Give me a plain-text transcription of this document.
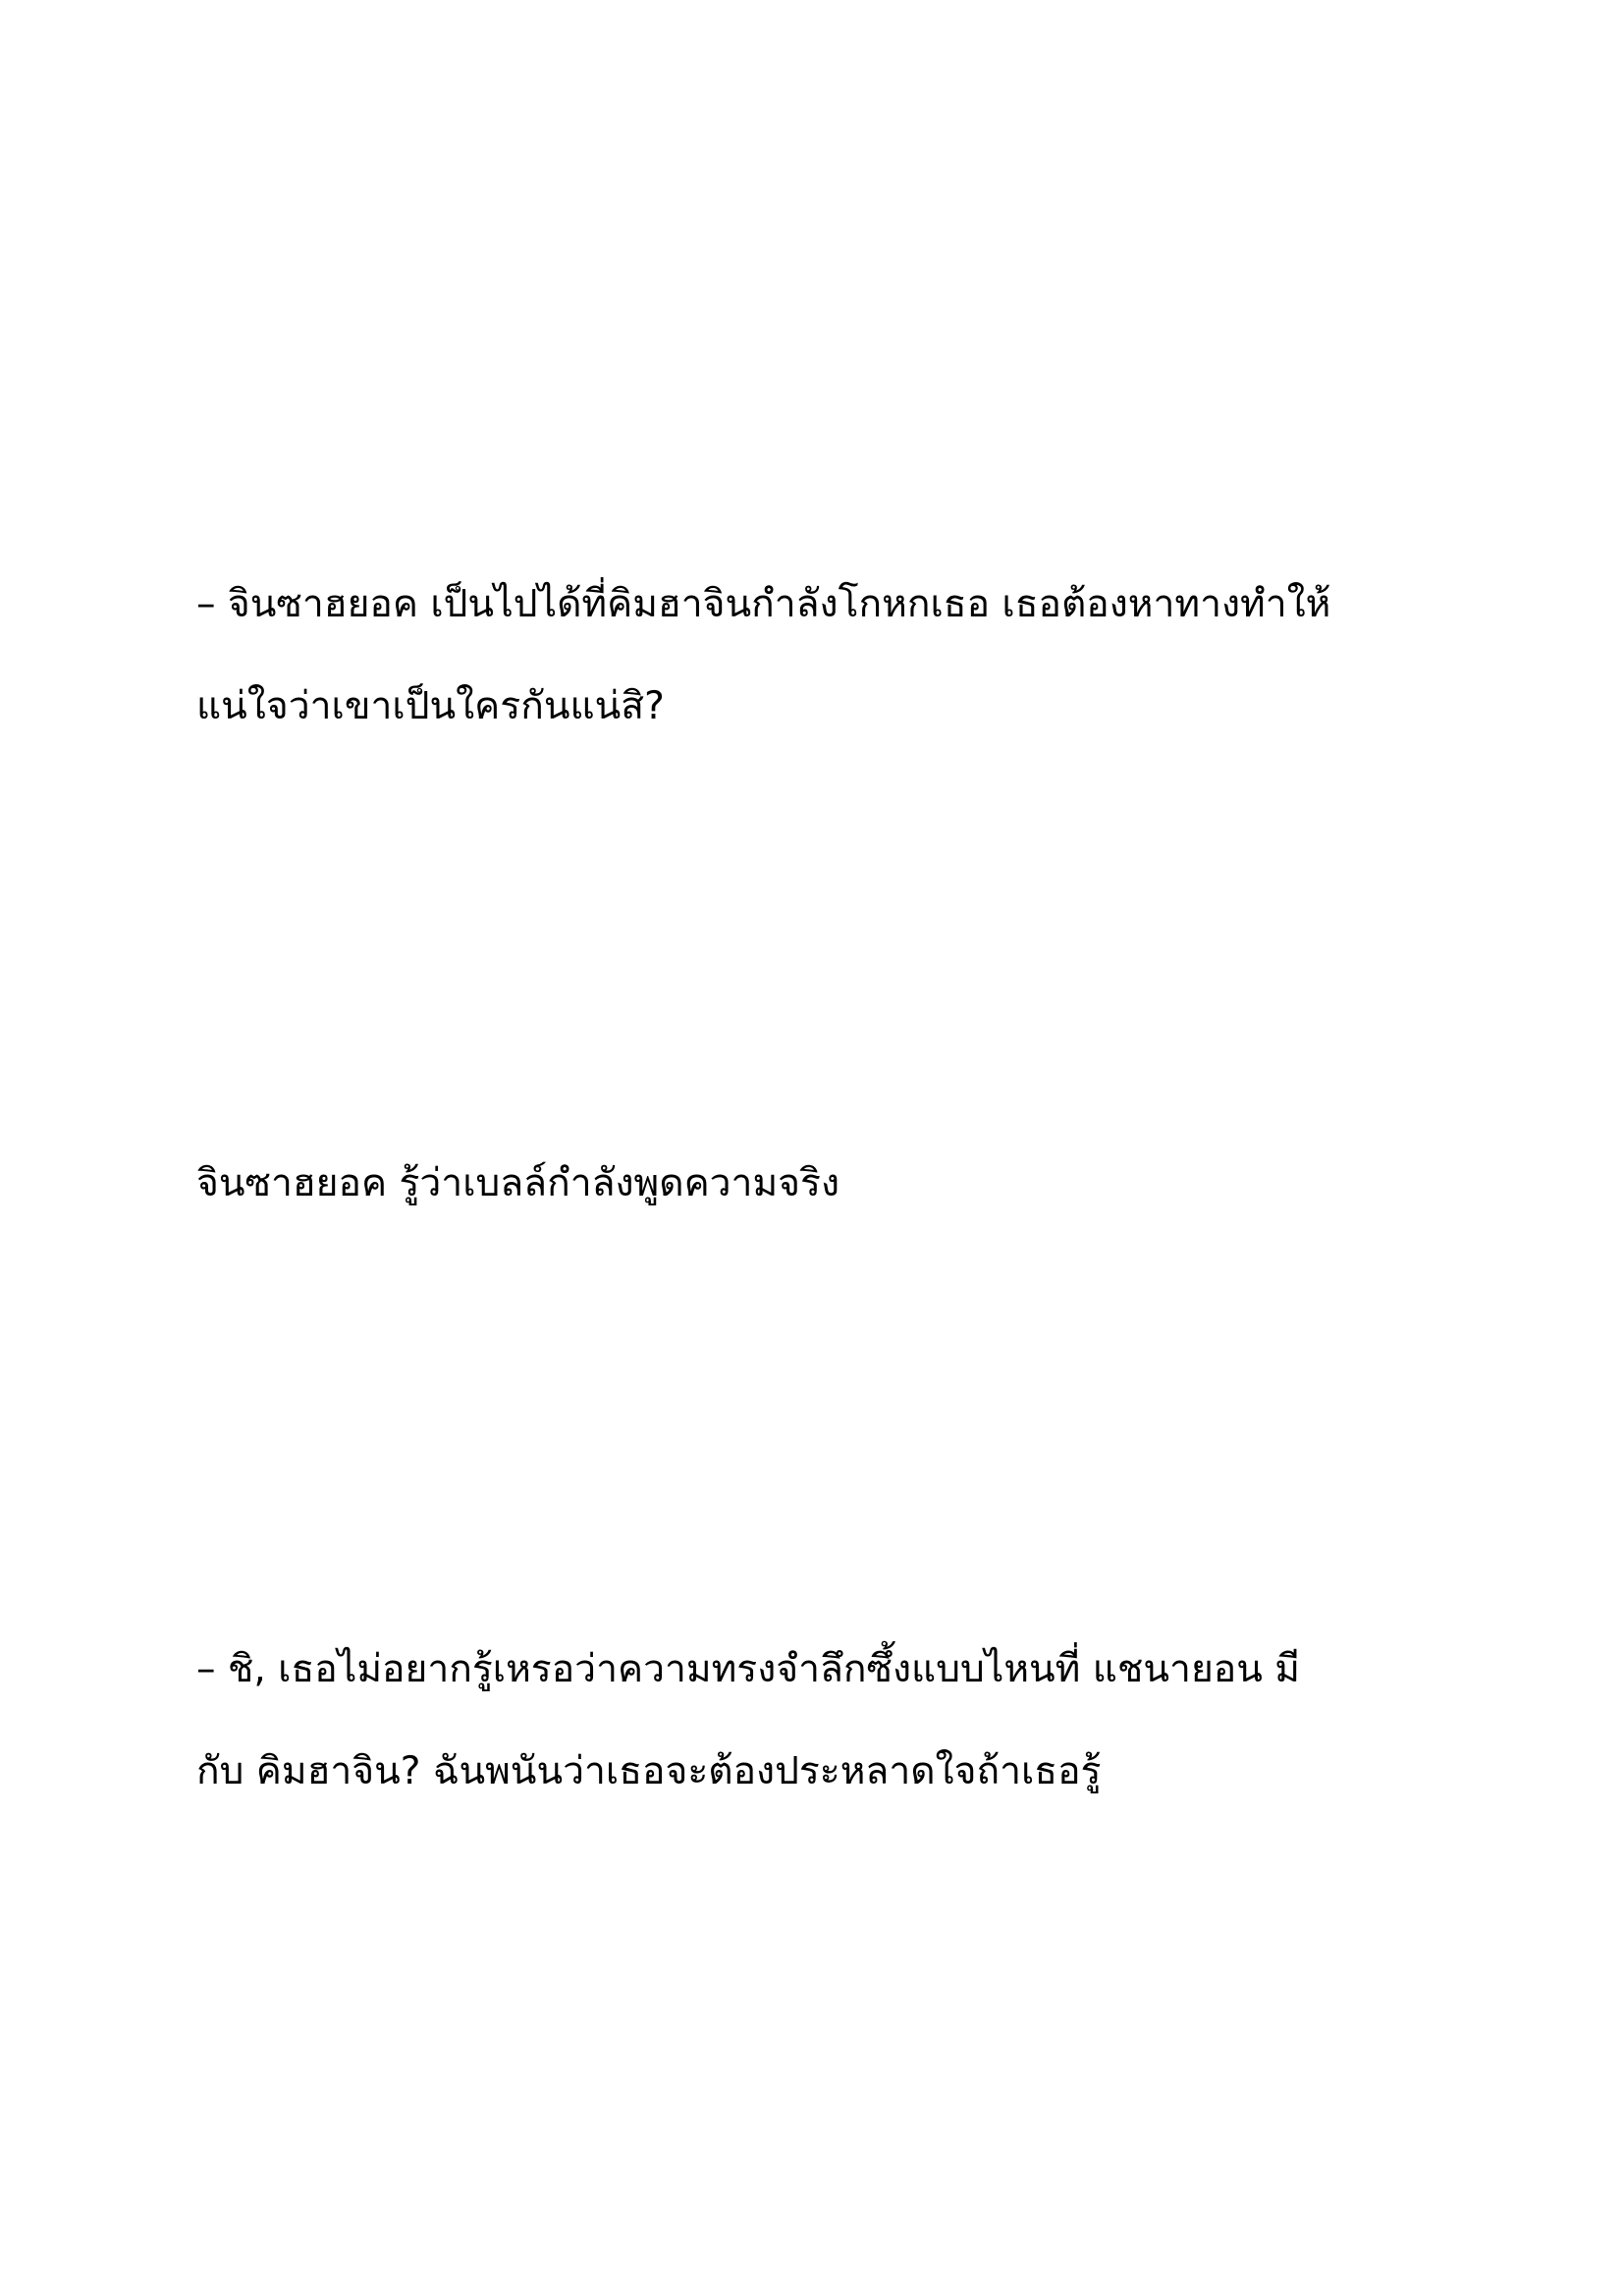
– จินซาฮยอค เป็นไปได้ที่คิมฮาจินกำลังโกหกเธอ เธอต้องหาทางทำให้

แน่ใจว่าเขาเป็นใครกันแน่สิ?

จินซาฮยอค รู้ว่าเบลล์กำลังพูดความจริง

– ชิ, เธอไม่อยากรู้เหรอว่าความทรงจำลึกซึ้งแบบไหนที่ แชนายอน มี

กับ คิมฮาจิน? ฉันพนันว่าเธอจะต้องประหลาดใจถ้าเธอรู้
